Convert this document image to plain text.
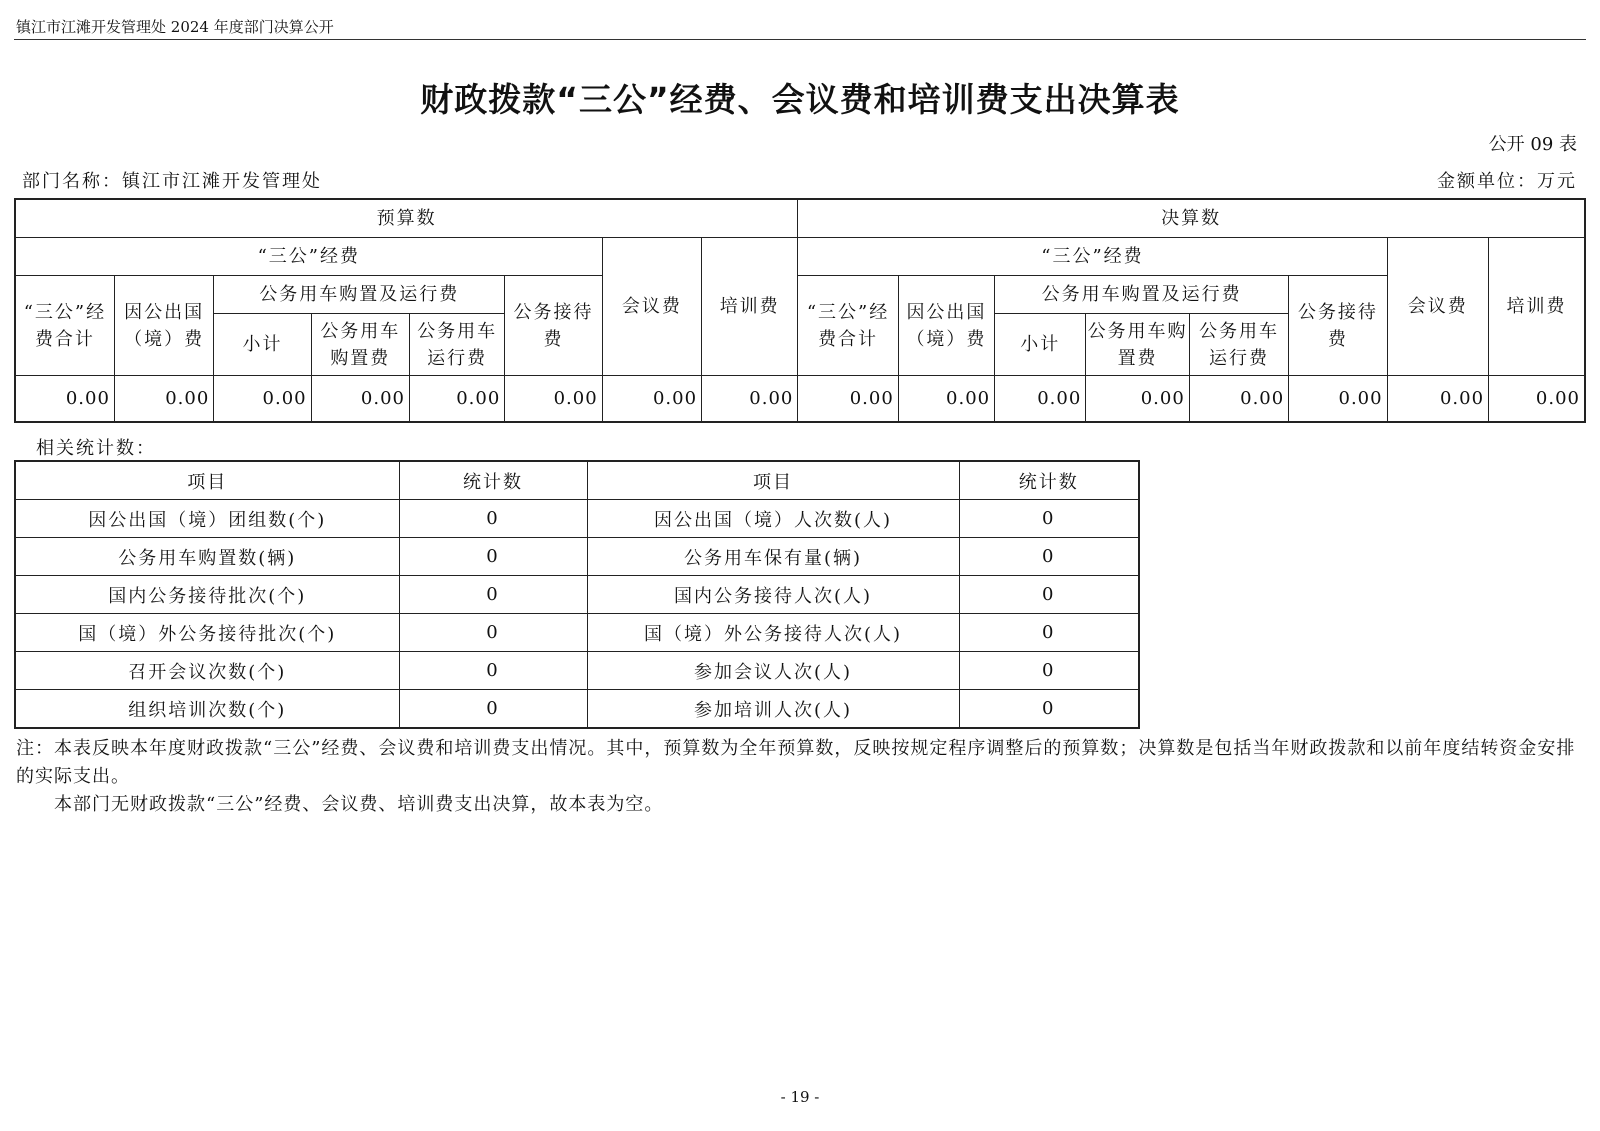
镇江市江滩开发管理处 2024 年度部门决算公开
财政拨款“三公”经费、会议费和培训费支出决算表
公开 09 表
部门名称：镇江市江滩开发管理处	金额单位：万元
预算数								决算数							
“三公”经费						会议费	培训费	“三公”经费						会议费	培训费
“三公”经费合计	因公出国（境）费	公务用车购置及运行费			公务接待费			“三公”经费合计	因公出国（境）费	公务用车购置及运行费			公务接待费		
		小计	公务用车购置费	公务用车运行费						小计	公务用车购置费	公务用车运行费			
0.00	0.00	0.00	0.00	0.00	0.00	0.00	0.00	0.00	0.00	0.00	0.00	0.00	0.00	0.00	0.00
相关统计数：
项目	统计数	项目	统计数
因公出国（境）团组数(个)	0	因公出国（境）人次数(人)	0
公务用车购置数(辆)	0	公务用车保有量(辆)	0
国内公务接待批次(个)	0	国内公务接待人次(人)	0
国（境）外公务接待批次(个)	0	国（境）外公务接待人次(人)	0
召开会议次数(个)	0	参加会议人次(人)	0
组织培训次数(个)	0	参加培训人次(人)	0

注：本表反映本年度财政拨款“三公”经费、会议费和培训费支出情况。其中，预算数为全年预算数，反映按规定程序调整后的预算数；决算数是包括当年财政拨款和以前年度结转资金安排的实际支出。

本部门无财政拨款“三公”经费、会议费、培训费支出决算，故本表为空。

- 19 -
